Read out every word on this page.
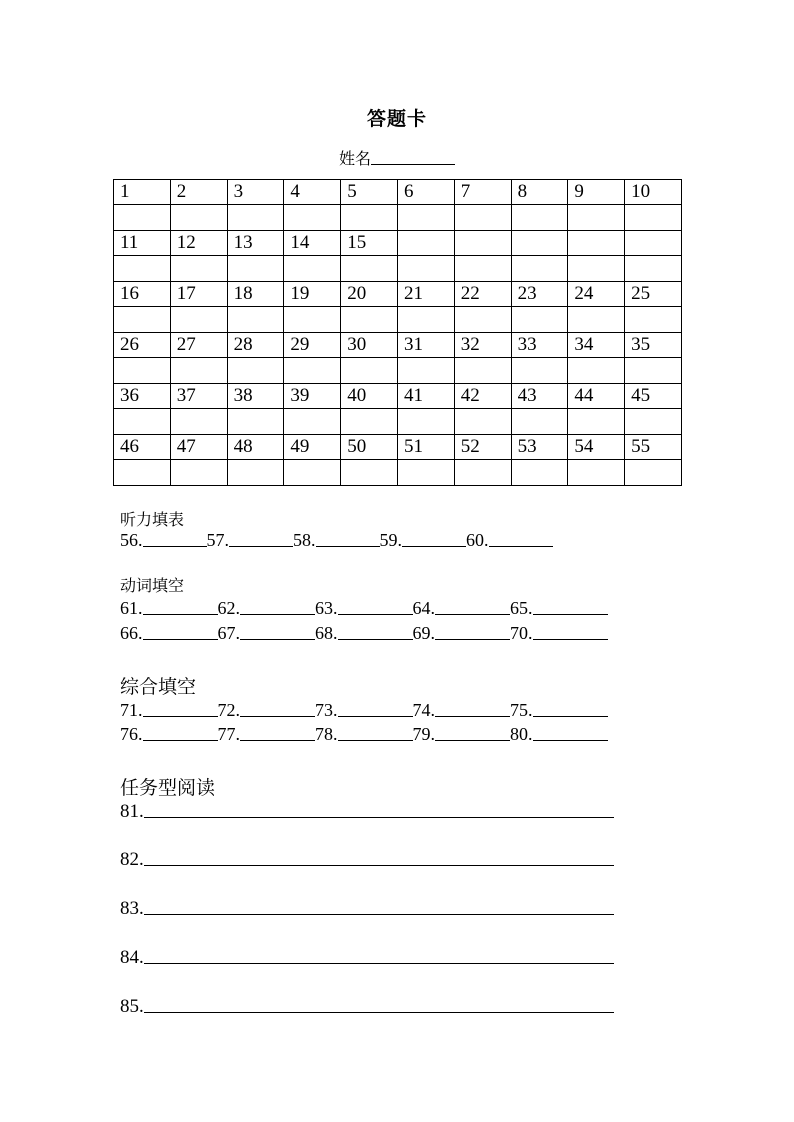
答题卡
姓名
1	2	3	4	5	6	7	8	9	10

11	12	13	14	15					

16	17	18	19	20	21	22	23	24	25

26	27	28	29	30	31	32	33	34	35

36	37	38	39	40	41	42	43	44	45

46	47	48	49	50	51	52	53	54	55

听力填表
56.	57.	58.	59.	60.
动词填空
61.	62.	63.	64.	65.
66.	67.	68.	69.	70.
综合填空
71.	72.	73.	74.	75.
76.	77.	78.	79.	80.
任务型阅读
81.
82.
83.
84.
85.
